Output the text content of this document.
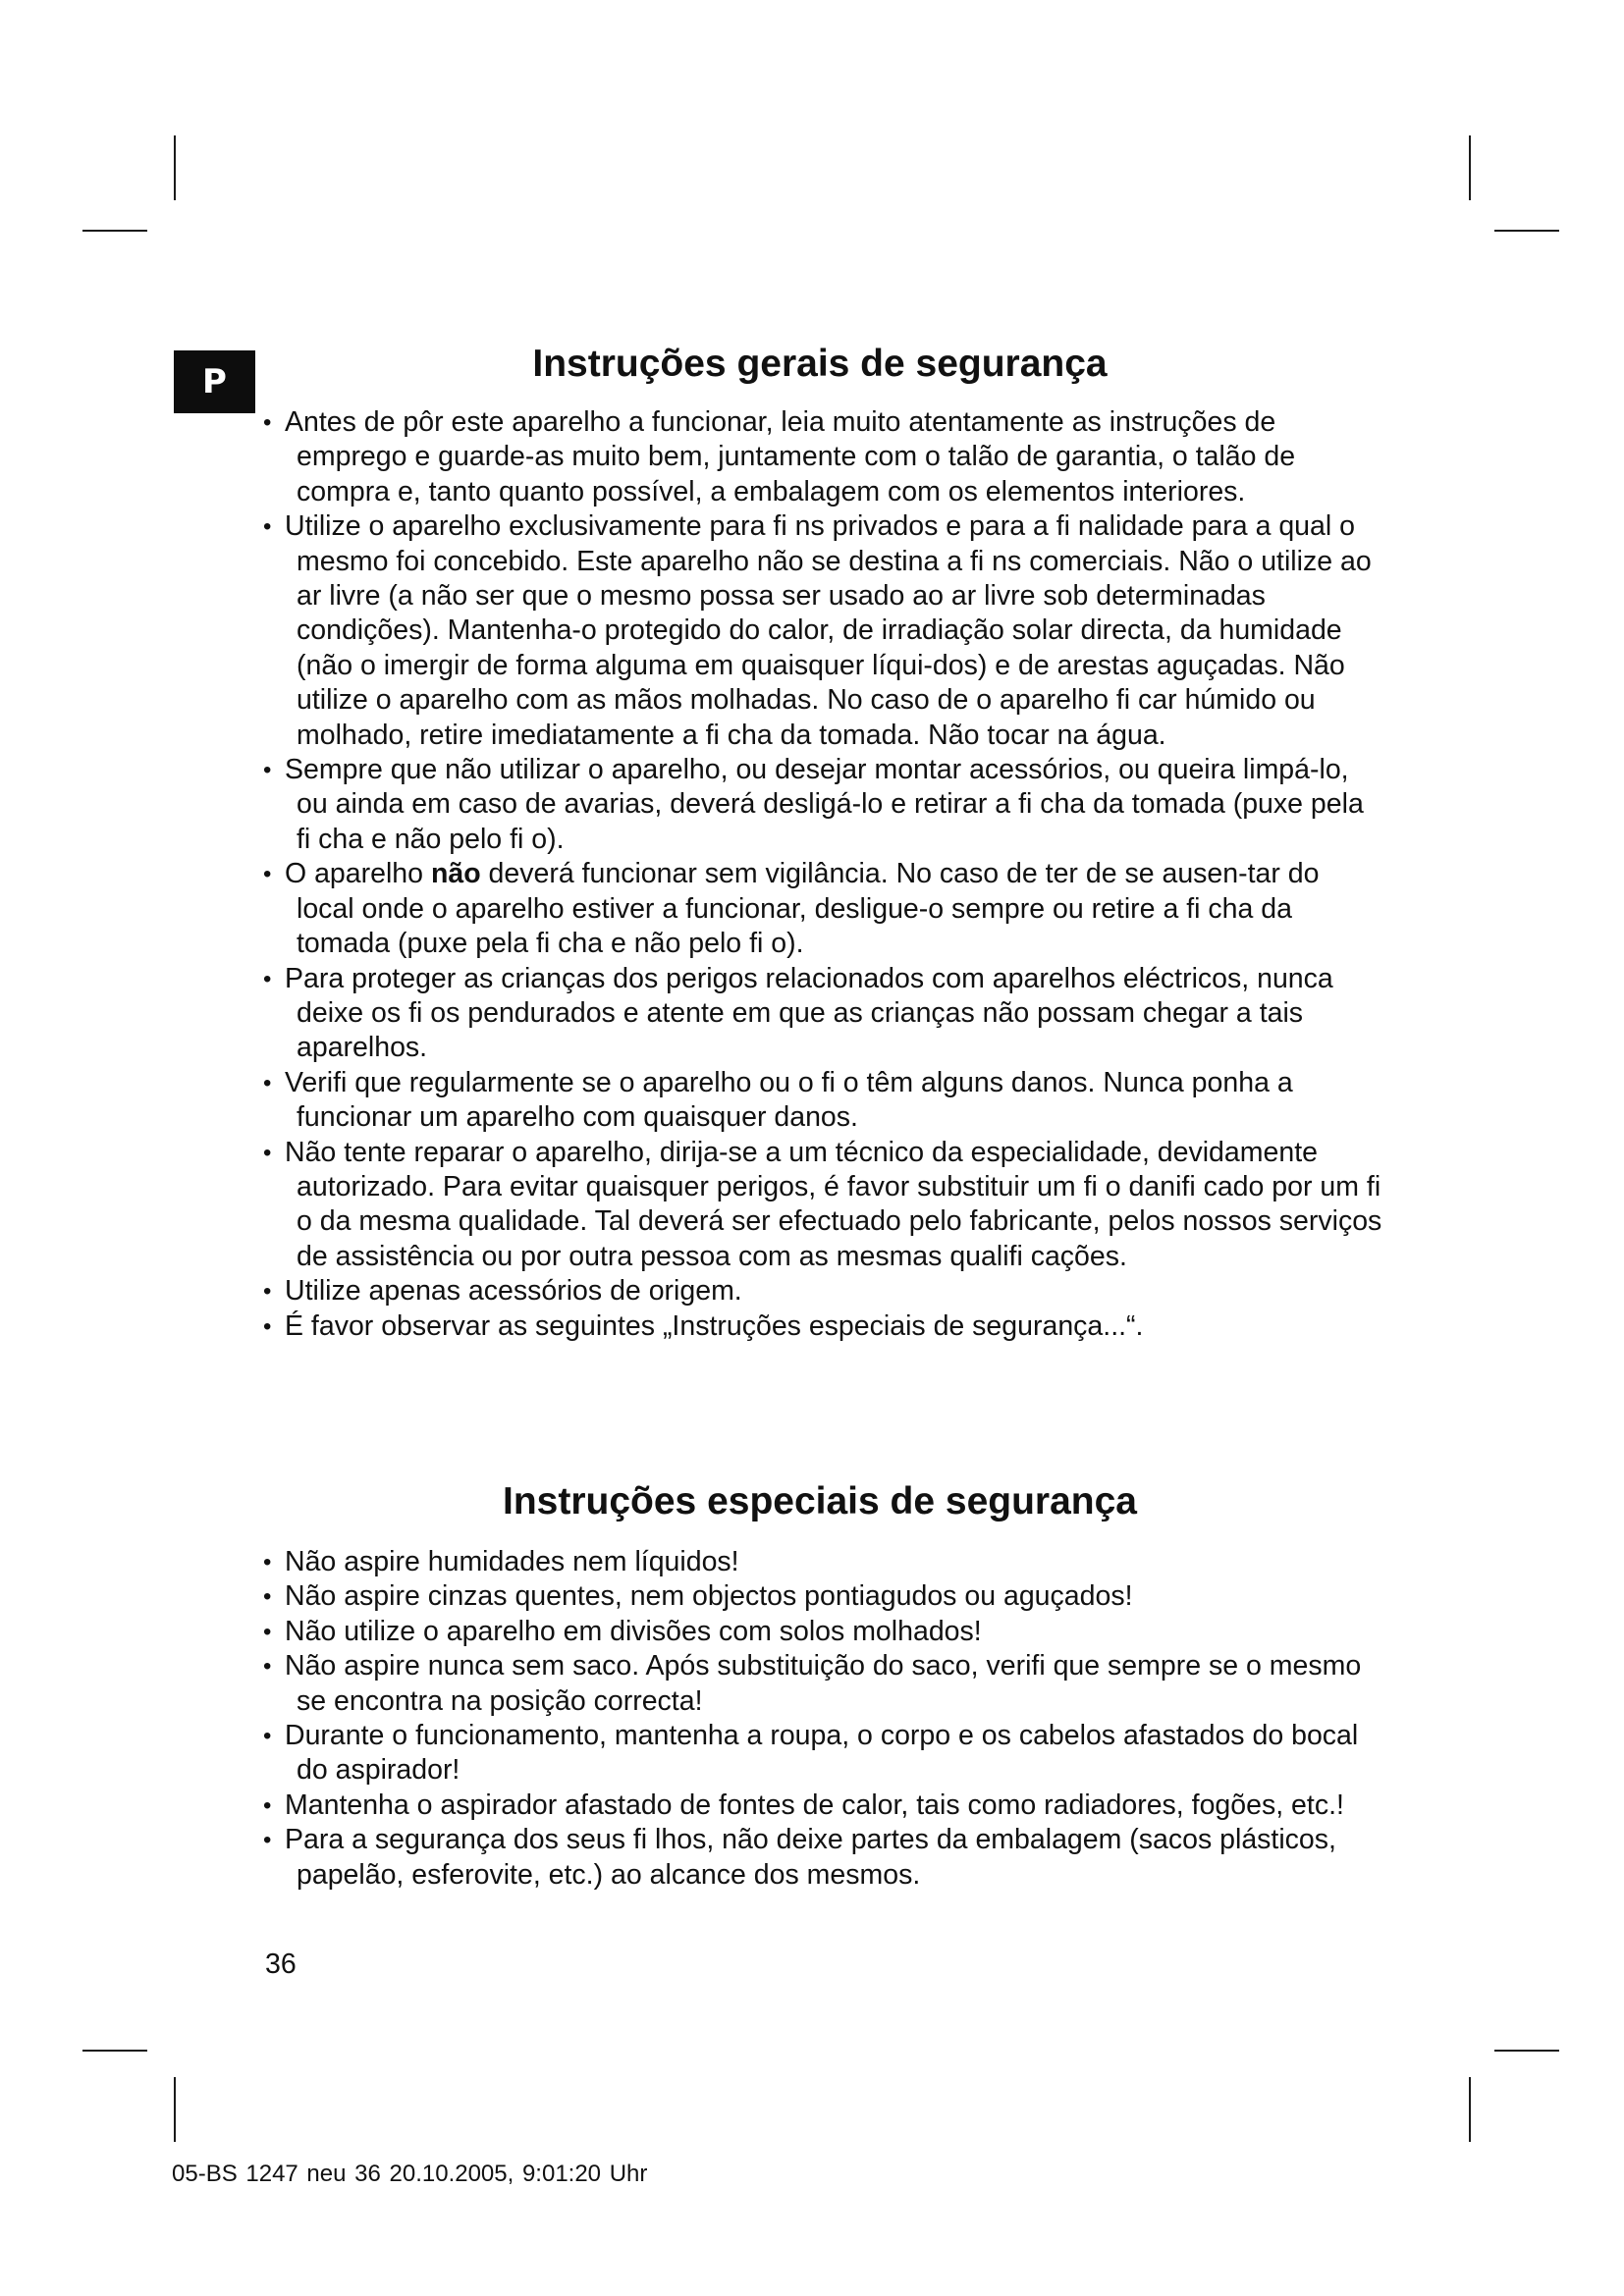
P	Instruções gerais de segurança
• Antes de pôr este aparelho a funcionar, leia muito atentamente as instruções de emprego e guarde-as muito bem, juntamente com o talão de garantia, o talão de compra e, tanto quanto possível, a embalagem com os elementos interiores.
• Utilize o aparelho exclusivamente para fi ns privados e para a fi nalidade para a qual o mesmo foi concebido. Este aparelho não se destina a fi ns comerciais. Não o utilize ao ar livre (a não ser que o mesmo possa ser usado ao ar livre sob determinadas condições). Mantenha-o protegido do calor, de irradiação solar directa, da humidade (não o imergir de forma alguma em quaisquer líqui-dos) e de arestas aguçadas. Não utilize o aparelho com as mãos molhadas. No caso de o aparelho fi car húmido ou molhado, retire imediatamente a fi cha da tomada. Não tocar na água.
• Sempre que não utilizar o aparelho, ou desejar montar acessórios, ou queira limpá-lo, ou ainda em caso de avarias, deverá desligá-lo e retirar a fi cha da tomada (puxe pela fi cha e não pelo fi o).
• O aparelho não deverá funcionar sem vigilância. No caso de ter de se ausen-tar do local onde o aparelho estiver a funcionar, desligue-o sempre ou retire a fi cha da tomada (puxe pela fi cha e não pelo fi o).
• Para proteger as crianças dos perigos relacionados com aparelhos eléctricos, nunca deixe os fi os pendurados e atente em que as crianças não possam chegar a tais aparelhos.
• Verifi que regularmente se o aparelho ou o fi o têm alguns danos. Nunca ponha a funcionar um aparelho com quaisquer danos.
• Não tente reparar o aparelho, dirija-se a um técnico da especialidade, devidamente autorizado. Para evitar quaisquer perigos, é favor substituir um fi o danifi cado por um fi o da mesma qualidade. Tal deverá ser efectuado pelo fabricante, pelos nossos serviços de assistência ou por outra pessoa com as mesmas qualifi cações.
• Utilize apenas acessórios de origem.
• É favor observar as seguintes „Instruções especiais de segurança...“.
Instruções especiais de segurança
• Não aspire humidades nem líquidos!
• Não aspire cinzas quentes, nem objectos pontiagudos ou aguçados!
• Não utilize o aparelho em divisões com solos molhados!
• Não aspire nunca sem saco. Após substituição do saco, verifi que sempre se o mesmo se encontra na posição correcta!
• Durante o funcionamento, mantenha a roupa, o corpo e os cabelos afastados do bocal do aspirador!
• Mantenha o aspirador afastado de fontes de calor, tais como radiadores, fogões, etc.!
• Para a segurança dos seus fi lhos, não deixe partes da embalagem (sacos plásticos, papelão, esferovite, etc.) ao alcance dos mesmos.
36
05-BS 1247 neu 36 20.10.2005, 9:01:20 Uhr
